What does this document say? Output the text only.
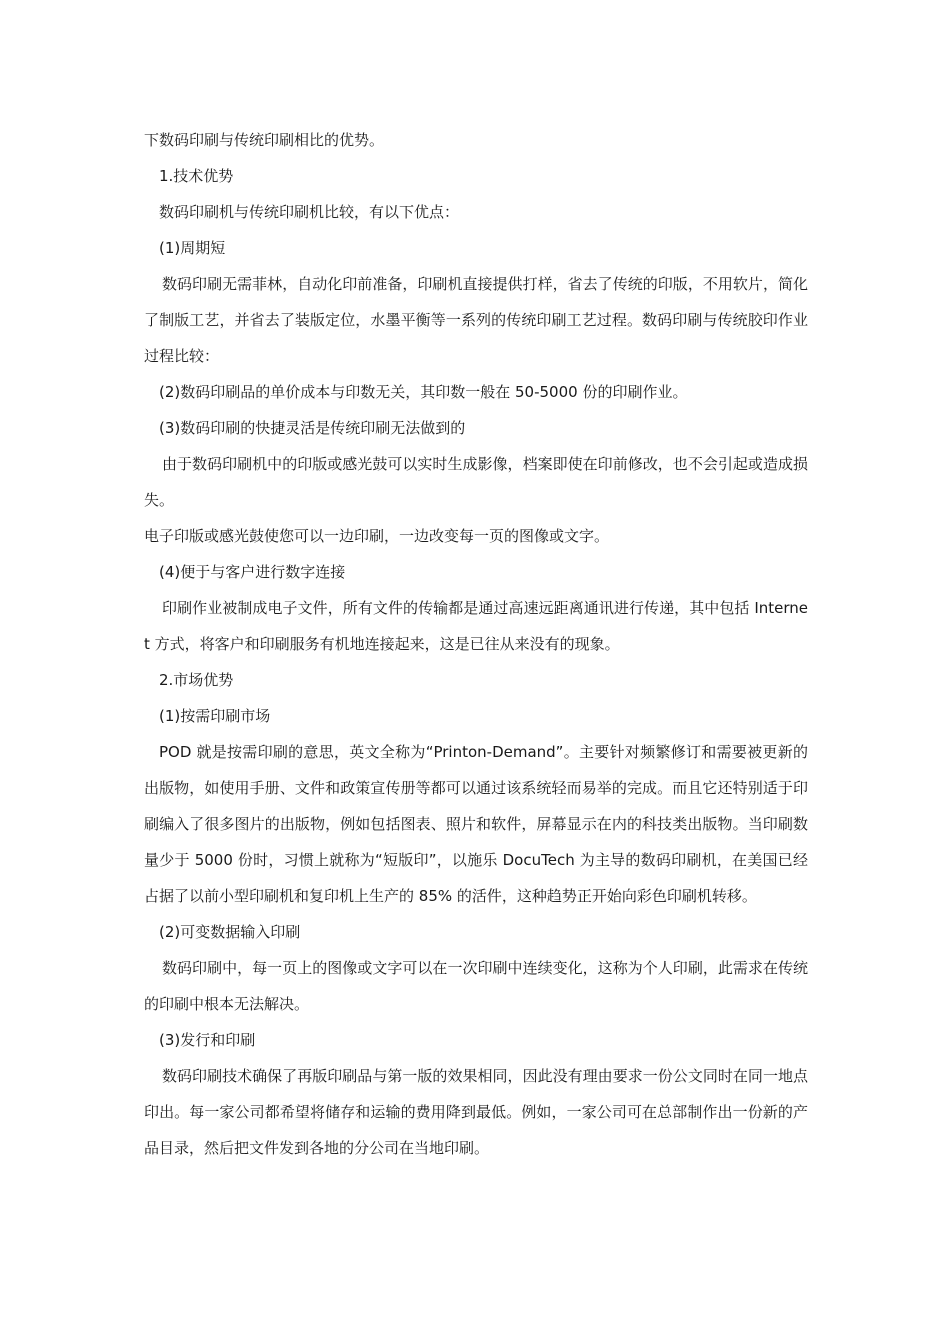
下数码印刷与传统印刷相比的优势。

1.技术优势

数码印刷机与传统印刷机比较，有以下优点：

(1)周期短

数码印刷无需菲林，自动化印前准备，印刷机直接提供打样，省去了传统的印版，不用软片，简化了制版工艺，并省去了装版定位，水墨平衡等一系列的传统印刷工艺过程。数码印刷与传统胶印作业过程比较：

(2)数码印刷品的单价成本与印数无关，其印数一般在 50-5000 份的印刷作业。

(3)数码印刷的快捷灵活是传统印刷无法做到的

由于数码印刷机中的印版或感光鼓可以实时生成影像，档案即使在印前修改，也不会引起或造成损失。

电子印版或感光鼓使您可以一边印刷，一边改变每一页的图像或文字。

(4)便于与客户进行数字连接

印刷作业被制成电子文件，所有文件的传输都是通过高速远距离通讯进行传递，其中包括 Internet 方式，将客户和印刷服务有机地连接起来，这是已往从来没有的现象。

2.市场优势

(1)按需印刷市场

POD 就是按需印刷的意思，英文全称为“Printon-Demand”。主要针对频繁修订和需要被更新的出版物，如使用手册、文件和政策宣传册等都可以通过该系统轻而易举的完成。而且它还特别适于印刷编入了很多图片的出版物，例如包括图表、照片和软件，屏幕显示在内的科技类出版物。当印刷数量少于 5000 份时，习惯上就称为“短版印”，以施乐 DocuTech 为主导的数码印刷机，在美国已经占据了以前小型印刷机和复印机上生产的 85% 的活件，这种趋势正开始向彩色印刷机转移。

(2)可变数据输入印刷

数码印刷中，每一页上的图像或文字可以在一次印刷中连续变化，这称为个人印刷，此需求在传统的印刷中根本无法解决。

(3)发行和印刷

数码印刷技术确保了再版印刷品与第一版的效果相同，因此没有理由要求一份公文同时在同一地点印出。每一家公司都希望将储存和运输的费用降到最低。例如，一家公司可在总部制作出一份新的产品目录，然后把文件发到各地的分公司在当地印刷。
